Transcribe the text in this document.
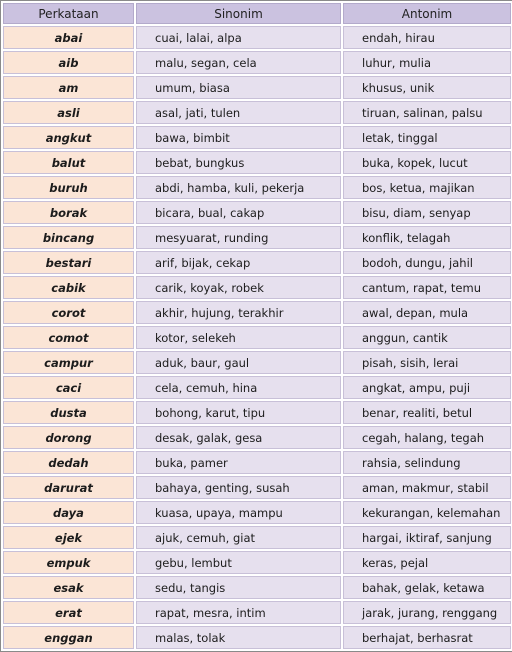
Perkataan	Sinonim	Antonim
abai	cuai, lalai, alpa	endah, hirau
aib	malu, segan, cela	luhur, mulia
am	umum, biasa	khusus, unik
asli	asal, jati, tulen	tiruan, salinan, palsu
angkut	bawa, bimbit	letak, tinggal
balut	bebat, bungkus	buka, kopek, lucut
buruh	abdi, hamba, kuli, pekerja	bos, ketua, majikan
borak	bicara, bual, cakap	bisu, diam, senyap
bincang	mesyuarat, runding	konflik, telagah
bestari	arif, bijak, cekap	bodoh, dungu, jahil
cabik	carik, koyak, robek	cantum, rapat, temu
corot	akhir, hujung, terakhir	awal, depan, mula
comot	kotor, selekeh	anggun, cantik
campur	aduk, baur, gaul	pisah, sisih, lerai
caci	cela, cemuh, hina	angkat, ampu, puji
dusta	bohong, karut, tipu	benar, realiti, betul
dorong	desak, galak, gesa	cegah, halang, tegah
dedah	buka, pamer	rahsia, selindung
darurat	bahaya, genting, susah	aman, makmur, stabil
daya	kuasa, upaya, mampu	kekurangan, kelemahan
ejek	ajuk, cemuh, giat	hargai, iktiraf, sanjung
empuk	gebu, lembut	keras, pejal
esak	sedu, tangis	bahak, gelak, ketawa
erat	rapat, mesra, intim	jarak, jurang, renggang
enggan	malas, tolak	berhajat, berhasrat
